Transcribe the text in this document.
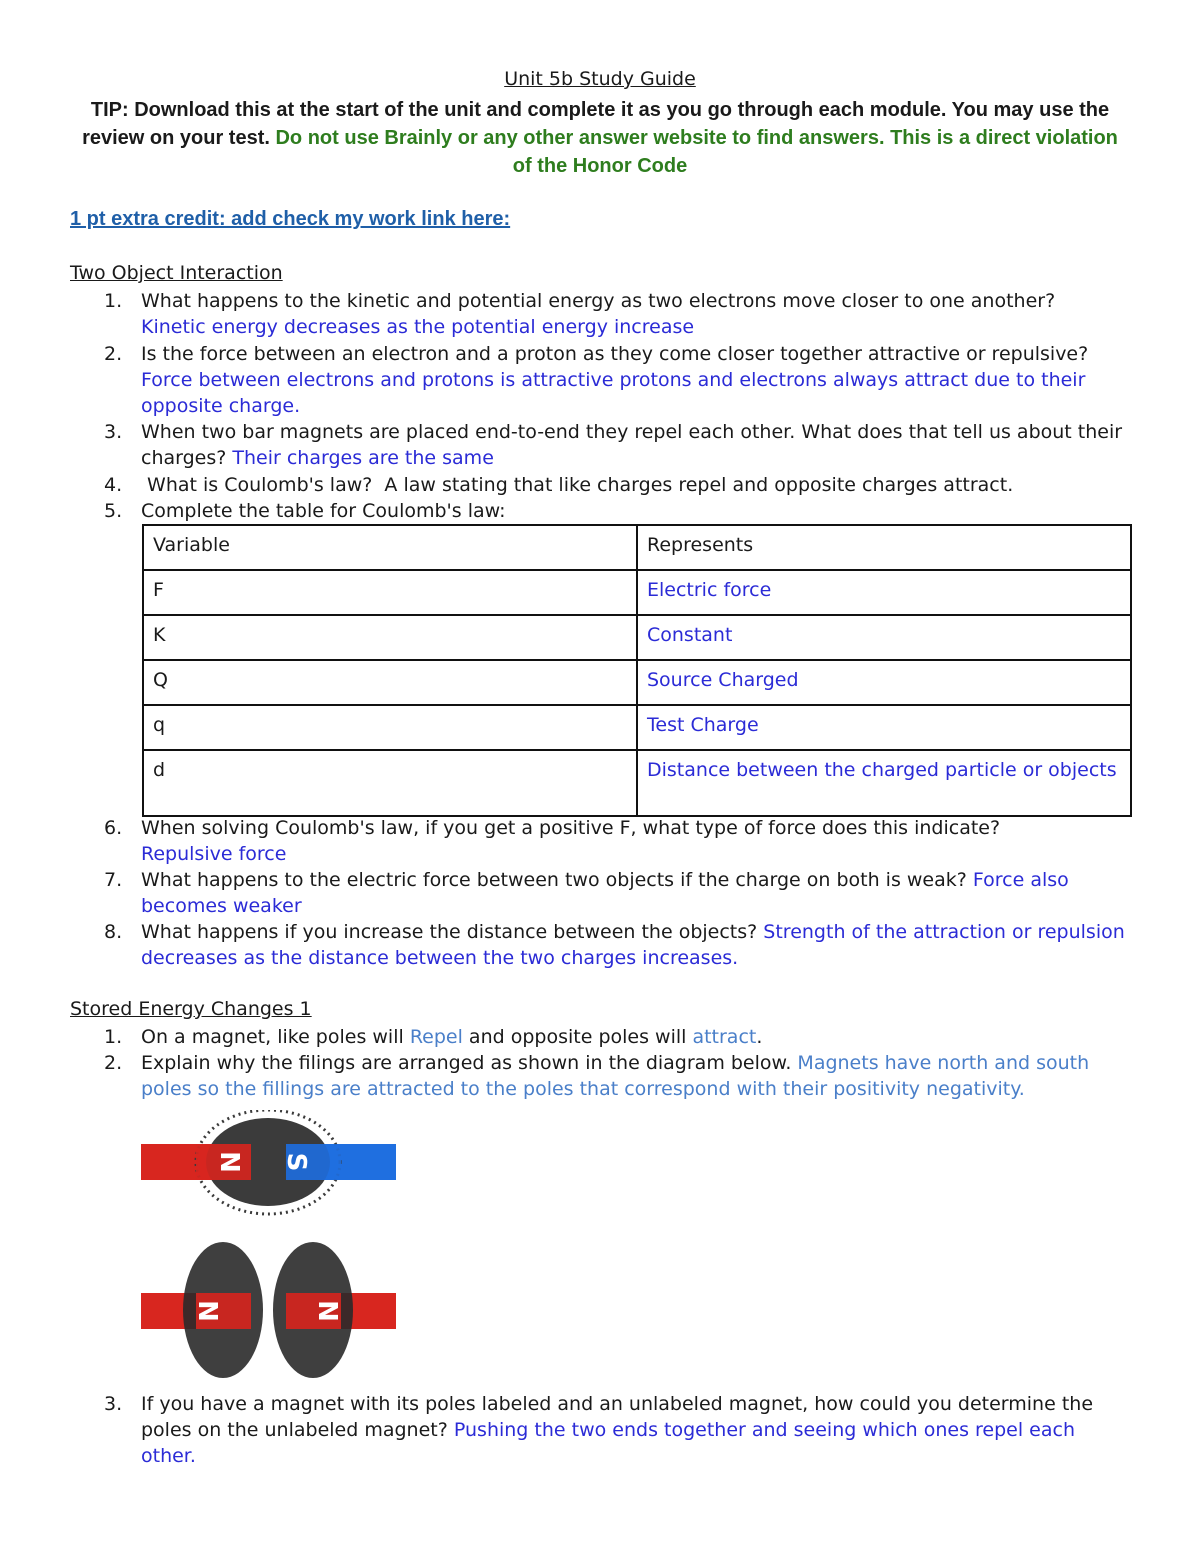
Unit 5b Study Guide
TIP: Download this at the start of the unit and complete it as you go through each module. You may use the review on your test. Do not use Brainly or any other answer website to find answers. This is a direct violation of the Honor Code
1 pt extra credit: add check my work link here:
Two Object Interaction
1. What happens to the kinetic and potential energy as two electrons move closer to one another?
Kinetic energy decreases as the potential energy increase
2. Is the force between an electron and a proton as they come closer together attractive or repulsive?
Force between electrons and protons is attractive protons and electrons always attract due to their opposite charge.
3. When two bar magnets are placed end-to-end they repel each other. What does that tell us about their charges? Their charges are the same
4. What is Coulomb's law?  A law stating that like charges repel and opposite charges attract.
5. Complete the table for Coulomb's law:
Variable	Represents
F	Electric force
K	Constant
Q	Source Charged
q	Test Charge
d	Distance between the charged particle or objects
6. When solving Coulomb's law, if you get a positive F, what type of force does this indicate?
Repulsive force
7. What happens to the electric force between two objects if the charge on both is weak? Force also becomes weaker
8. What happens if you increase the distance between the objects? Strength of the attraction or repulsion decreases as the distance between the two charges increases.
Stored Energy Changes 1
1. On a magnet, like poles will Repel and opposite poles will attract.
2. Explain why the filings are arranged as shown in the diagram below. Magnets have north and south poles so the fillings are attracted to the poles that correspond with their positivity negativity.
N S
N	N
3. If you have a magnet with its poles labeled and an unlabeled magnet, how could you determine the poles on the unlabeled magnet? Pushing the two ends together and seeing which ones repel each other.
